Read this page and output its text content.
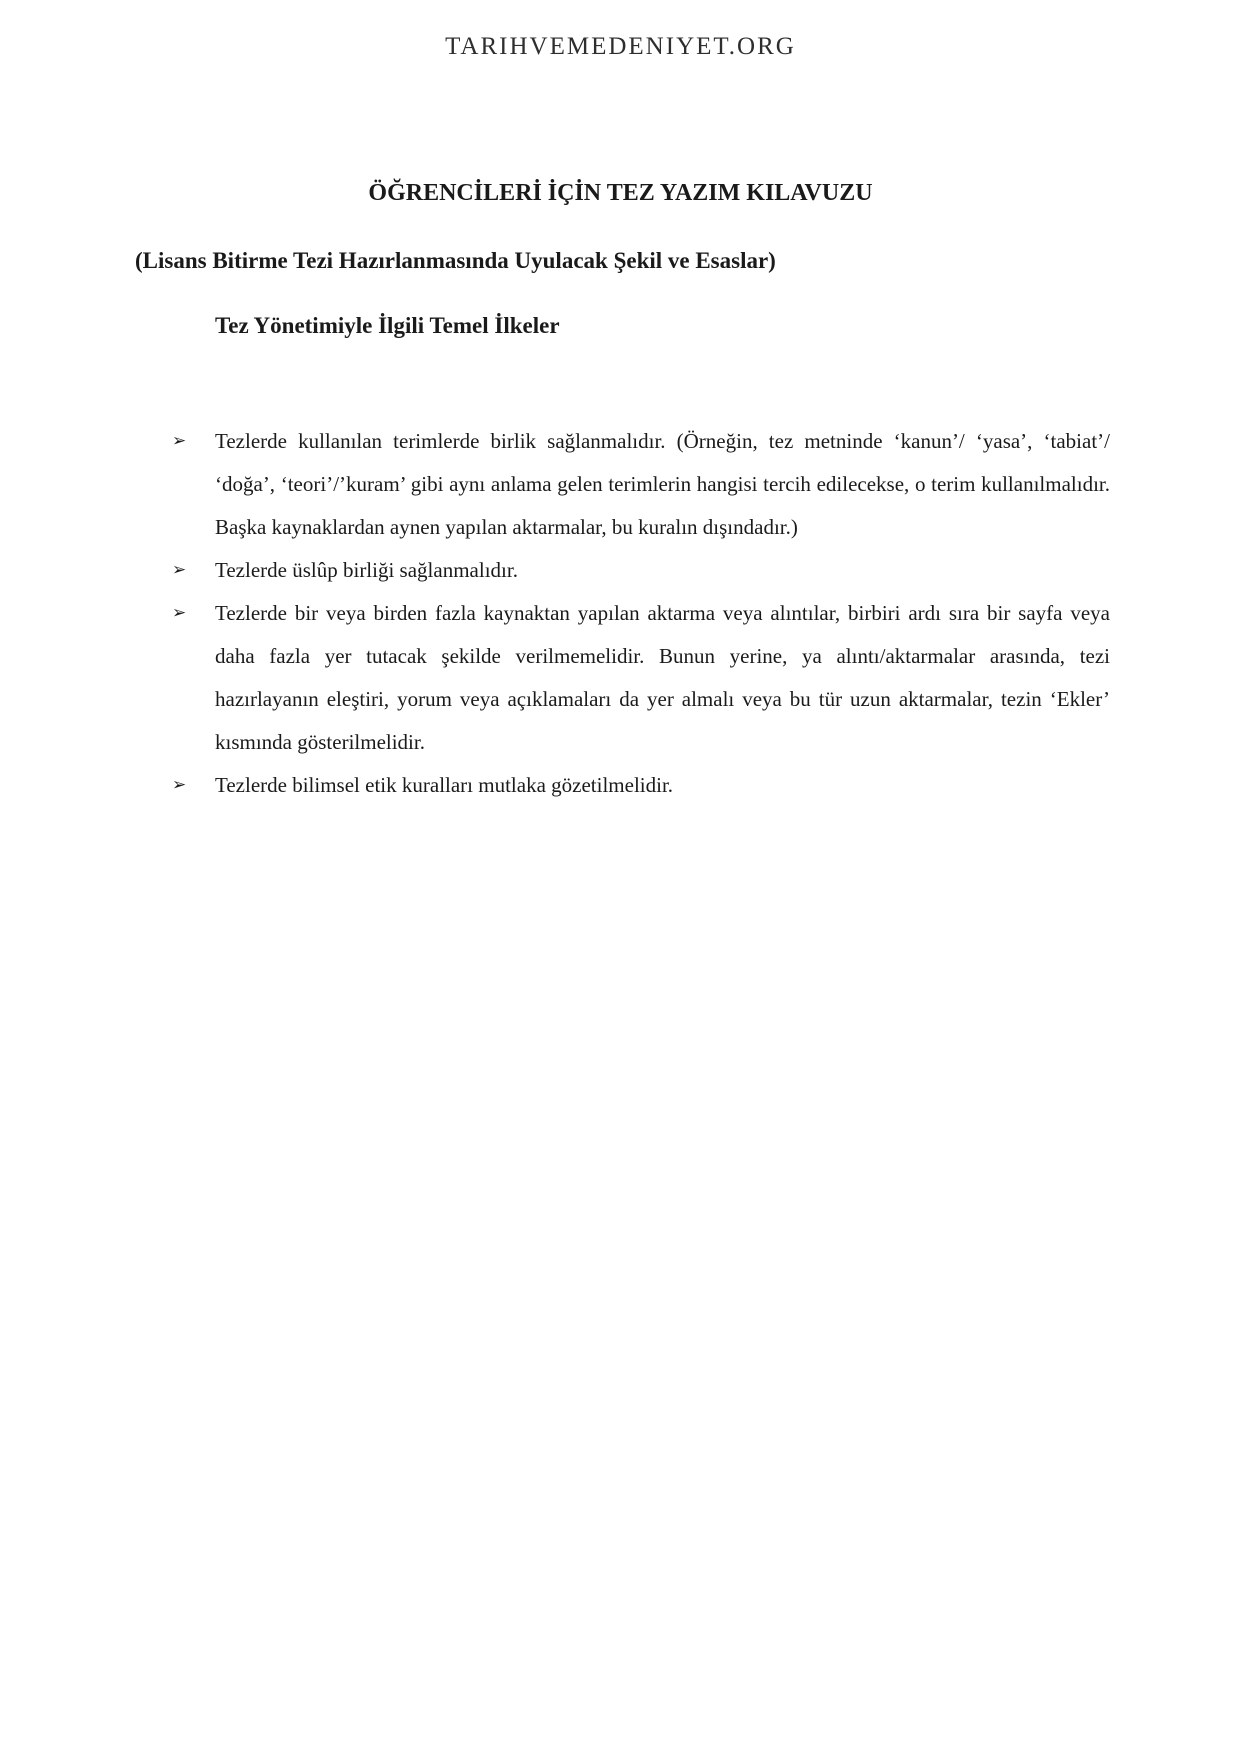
TARIHVEMEDENIYET.ORG
ÖĞRENCİLERİ İÇİN TEZ YAZIM KILAVUZU
(Lisans Bitirme Tezi Hazırlanmasında Uyulacak Şekil ve Esaslar)
Tez Yönetimiyle İlgili Temel İlkeler
➢ Tezlerde kullanılan terimlerde birlik sağlanmalıdır. (Örneğin, tez metninde ‘kanun’/ ‘yasa’, ‘tabiat’/ ‘doğa’, ‘teori’/’kuram’ gibi aynı anlama gelen terimlerin hangisi tercih edilecekse, o terim kullanılmalıdır. Başka kaynaklardan aynen yapılan aktarmalar, bu kuralın dışındadır.)
➢ Tezlerde üslûp birliği sağlanmalıdır.
➢ Tezlerde bir veya birden fazla kaynaktan yapılan aktarma veya alıntılar, birbiri ardı sıra bir sayfa veya daha fazla yer tutacak şekilde verilmemelidir. Bunun yerine, ya alıntı/aktarmalar arasında, tezi hazırlayanın eleştiri, yorum veya açıklamaları da yer almalı veya bu tür uzun aktarmalar, tezin ‘Ekler’ kısmında gösterilmelidir.
➢ Tezlerde bilimsel etik kuralları mutlaka gözetilmelidir.
